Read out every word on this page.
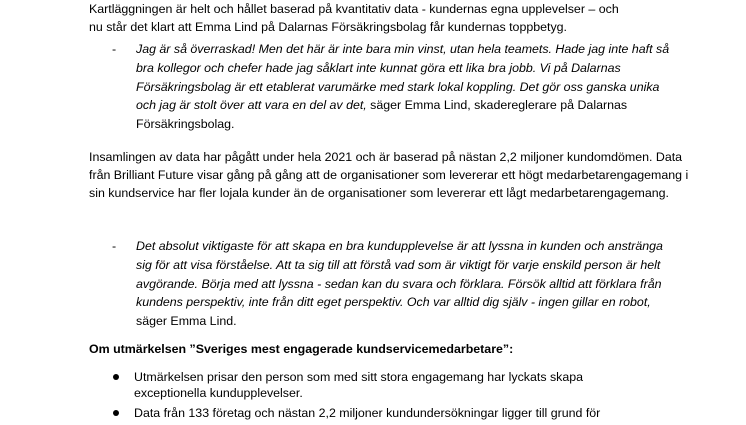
Kartläggningen är helt och hållet baserad på kvantitativ data - kundernas egna upplevelser – och
nu står det klart att Emma Lind på Dalarnas Försäkringsbolag får kundernas toppbetyg.

- Jag är så överraskad! Men det här är inte bara min vinst, utan hela teamets. Hade jag inte haft så bra kollegor och chefer hade jag såklart inte kunnat göra ett lika bra jobb. Vi på Dalarnas Försäkringsbolag är ett etablerat varumärke med stark lokal koppling. Det gör oss ganska unika och jag är stolt över att vara en del av det, säger Emma Lind, skadereglerare på Dalarnas Försäkringsbolag.

Insamlingen av data har pågått under hela 2021 och är baserad på nästan 2,2 miljoner kundomdömen. Data från Brilliant Future visar gång på gång att de organisationer som levererar ett högt medarbetarengagemang i sin kundservice har fler lojala kunder än de organisationer som levererar ett lågt medarbetarengagemang.

- Det absolut viktigaste för att skapa en bra kundupplevelse är att lyssna in kunden och anstränga sig för att visa förståelse. Att ta sig till att förstå vad som är viktigt för varje enskild person är helt avgörande. Börja med att lyssna - sedan kan du svara och förklara. Försök alltid att förklara från kundens perspektiv, inte från ditt eget perspektiv. Och var alltid dig själv - ingen gillar en robot, säger Emma Lind.

Om utmärkelsen ”Sveriges mest engagerade kundservicemedarbetare”:

Utmärkelsen prisar den person som med sitt stora engagemang har lyckats skapa exceptionella kundupplevelser.
Data från 133 företag och nästan 2,2 miljoner kundundersökningar ligger till grund för
